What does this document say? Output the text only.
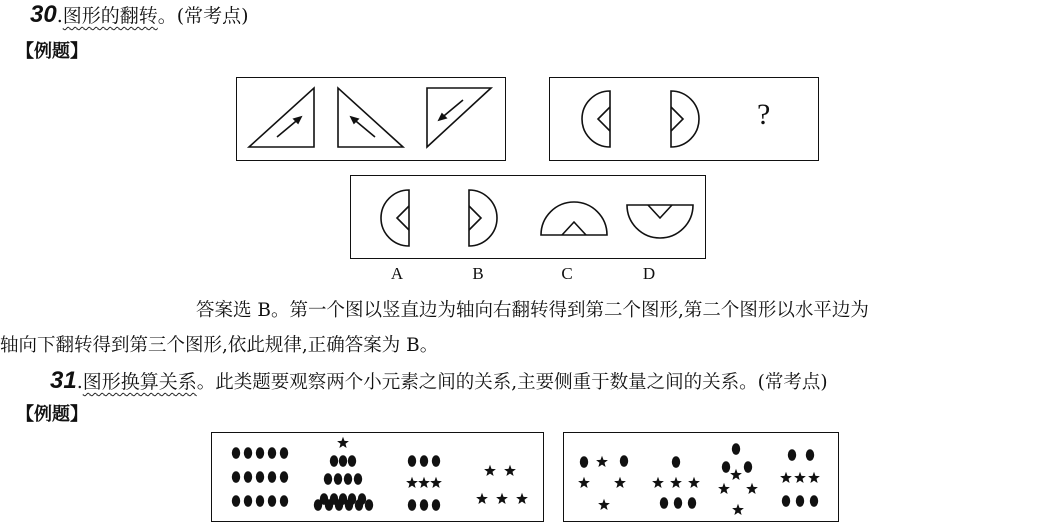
30.图形的翻转。(常考点)
【例题】
?
A	B	C	D
答案选 B。第一个图以竖直边为轴向右翻转得到第二个图形,第二个图形以水平边为
轴向下翻转得到第三个图形,依此规律,正确答案为 B。
31.图形换算关系。此类题要观察两个小元素之间的关系,主要侧重于数量之间的关系。(常考点)
【例题】
